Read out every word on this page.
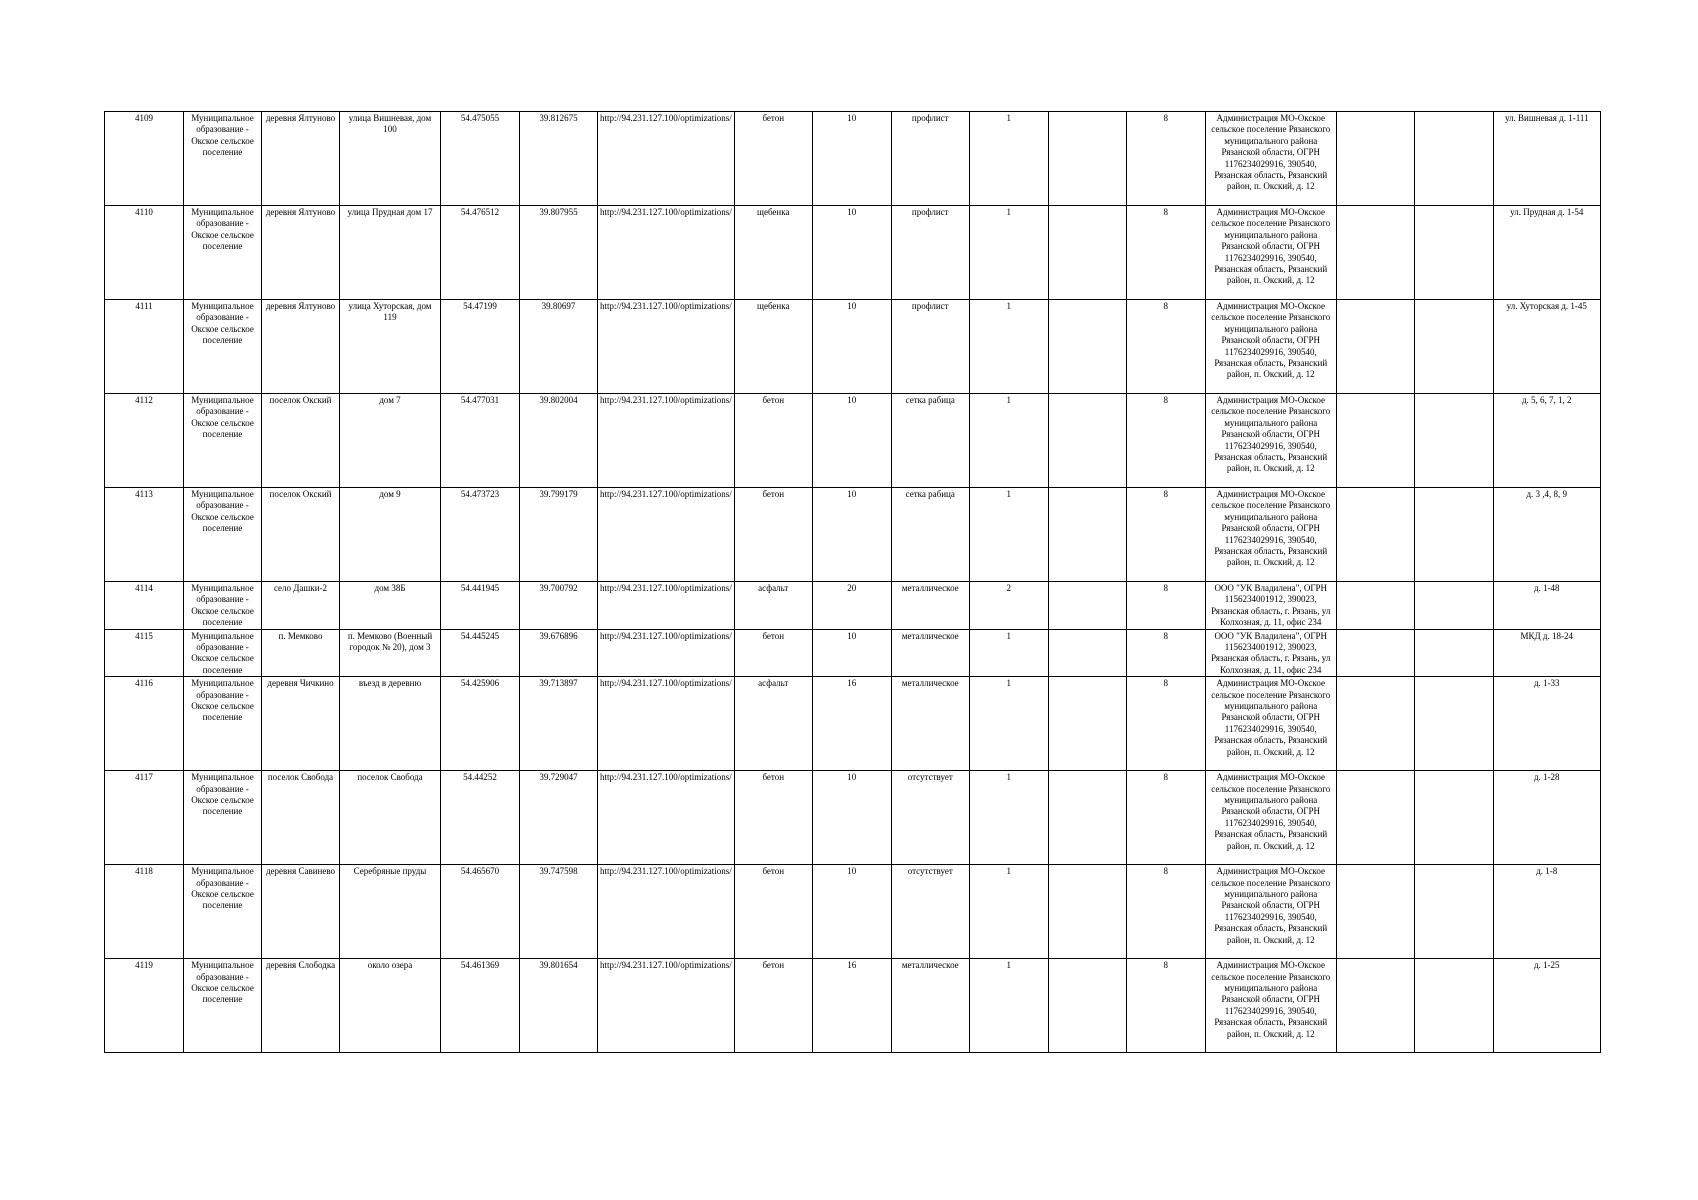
4109	Муниципальное образование - Окское сельское поселение	деревня Ялтуново	улица Вишневая, дом 100	54.475055	39.812675	http://94.231.127.100/optimizations/	бетон	10	профлист	1		8	Администрация МО-Окское сельское поселение Рязанского муниципального района Рязанской области, ОГРН 1176234029916, 390540, Рязанская область, Рязанский район, п. Окский, д. 12			ул. Вишневая д. 1-111
4110	Муниципальное образование - Окское сельское поселение	деревня Ялтуново	улица Прудная дом 17	54.476512	39.807955	http://94.231.127.100/optimizations/	щебенка	10	профлист	1		8	Администрация МО-Окское сельское поселение Рязанского муниципального района Рязанской области, ОГРН 1176234029916, 390540, Рязанская область, Рязанский район, п. Окский, д. 12			ул. Прудная д. 1-54
4111	Муниципальное образование - Окское сельское поселение	деревня Ялтуново	улица Хуторская, дом 119	54.47199	39.80697	http://94.231.127.100/optimizations/	щебенка	10	профлист	1		8	Администрация МО-Окское сельское поселение Рязанского муниципального района Рязанской области, ОГРН 1176234029916, 390540, Рязанская область, Рязанский район, п. Окский, д. 12			ул. Хуторская д. 1-45
4112	Муниципальное образование - Окское сельское поселение	поселок Окский	дом 7	54.477031	39.802004	http://94.231.127.100/optimizations/	бетон	10	сетка рабица	1		8	Администрация МО-Окское сельское поселение Рязанского муниципального района Рязанской области, ОГРН 1176234029916, 390540, Рязанская область, Рязанский район, п. Окский, д. 12			д. 5, 6, 7, 1, 2
4113	Муниципальное образование - Окское сельское поселение	поселок Окский	дом 9	54.473723	39.799179	http://94.231.127.100/optimizations/	бетон	10	сетка рабица	1		8	Администрация МО-Окское сельское поселение Рязанского муниципального района Рязанской области, ОГРН 1176234029916, 390540, Рязанская область, Рязанский район, п. Окский, д. 12			д. 3 ,4, 8, 9
4114	Муниципальное образование - Окское сельское поселение	село Дашки-2	дом 38Б	54.441945	39.700792	http://94.231.127.100/optimizations/	асфальт	20	металлическое	2		8	ООО "УК Владилена", ОГРН 1156234001912, 390023, Рязанская область, г. Рязань, ул Колхозная, д. 11, офис 234			д. 1-48
4115	Муниципальное образование - Окское сельское поселение	п. Мемково	п. Мемково (Военный городок № 20), дом 3	54.445245	39.676896	http://94.231.127.100/optimizations/	бетон	10	металлическое	1		8	ООО "УК Владилена", ОГРН 1156234001912, 390023, Рязанская область, г. Рязань, ул Колхозная, д. 11, офис 234			МКД д. 18-24
4116	Муниципальное образование - Окское сельское поселение	деревня Чичкино	въезд в деревню	54.425906	39.713897	http://94.231.127.100/optimizations/	асфальт	16	металлическое	1		8	Администрация МО-Окское сельское поселение Рязанского муниципального района Рязанской области, ОГРН 1176234029916, 390540, Рязанская область, Рязанский район, п. Окский, д. 12			д. 1-33
4117	Муниципальное образование - Окское сельское поселение	поселок Свобода	поселок Свобода	54.44252	39.729047	http://94.231.127.100/optimizations/	бетон	10	отсутствует	1		8	Администрация МО-Окское сельское поселение Рязанского муниципального района Рязанской области, ОГРН 1176234029916, 390540, Рязанская область, Рязанский район, п. Окский, д. 12			д. 1-28
4118	Муниципальное образование - Окское сельское поселение	деревня Савинево	Серебряные пруды	54.465670	39.747598	http://94.231.127.100/optimizations/	бетон	10	отсутствует	1		8	Администрация МО-Окское сельское поселение Рязанского муниципального района Рязанской области, ОГРН 1176234029916, 390540, Рязанская область, Рязанский район, п. Окский, д. 12			д. 1-8
4119	Муниципальное образование - Окское сельское поселение	деревня Слободка	около озера	54.461369	39.801654	http://94.231.127.100/optimizations/	бетон	16	металлическое	1		8	Администрация МО-Окское сельское поселение Рязанского муниципального района Рязанской области, ОГРН 1176234029916, 390540, Рязанская область, Рязанский район, п. Окский, д. 12			д. 1-25
